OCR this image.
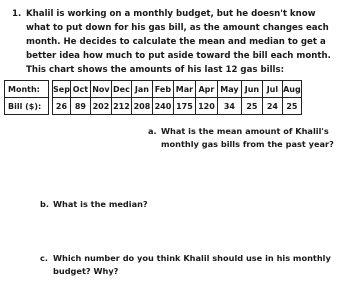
1. Khalil is working on a monthly budget, but he doesn't know what to put down for his gas bill, as the amount changes each month. He decides to calculate the mean and median to get a better idea how much to put aside toward the bill each month. This chart shows the amounts of his last 12 gas bills:
Month:		Sep	Oct	Nov	Dec	Jan	Feb	Mar	Apr	May	Jun	Jul	Aug
Bill ($):		26	89	202	212	208	240	175	120	34	25	24	25
a. What is the mean amount of Khalil's monthly gas bills from the past year?
b. What is the median?
c. Which number do you think Khalil should use in his monthly budget? Why?
